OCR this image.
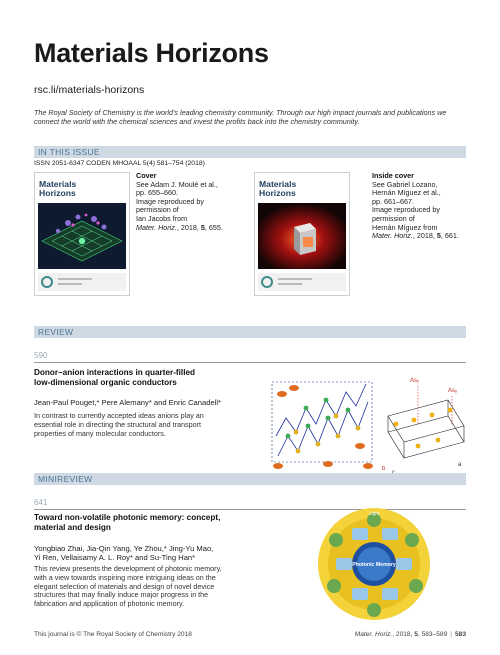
Materials Horizons
rsc.li/materials-horizons
The Royal Society of Chemistry is the world's leading chemistry community. Through our high impact journals and publications we connect the world with the chemical sciences and invest the profits back into the chemistry community.
IN THIS ISSUE
ISSN 2051-6347 CODEN MHOAAL 5(4) 581–754 (2018)
Materials
Horizons
Cover
See Adam J. Moulé et al.,
pp. 655–660.
Image reproduced by
permission of
Ian Jacobs from
Mater. Horiz., 2018, 5, 655.
Materials
Horizons
Inside cover
See Gabriel Lozano,
Hernán Míguez et al.,
pp. 661–667.
Image reproduced by
permission of
Hernán Míguez from
Mater. Horiz., 2018, 5, 661.
REVIEW
590
Donor–anion interactions in quarter-filled
low-dimensional organic conductors
Jean-Paul Pouget,* Pere Alemany* and Enric Canadell*
In contrast to currently accepted ideas anions play an
essential role in directing the structural and transport
properties of many molecular conductors.
Asₓ
Asᵧ
b
a
MINIREVIEW
641
Toward non-volatile photonic memory: concept,
material and design
Yongbiao Zhai, Jia-Qin Yang, Ye Zhou,* Jing-Yu Mao,
Yi Ren, Vellaisamy A. L. Roy* and Su-Ting Han*
This review presents the development of photonic memory,
with a view towards inspiring more intriguing ideas on the
elegant selection of materials and design of novel device
structures that may finally induce major progress in the
fabrication and application of photonic memory.
Photonic Memory
Light
This journal is © The Royal Society of Chemistry 2018	Mater. Horiz., 2018, 5, 583–589 | 583
